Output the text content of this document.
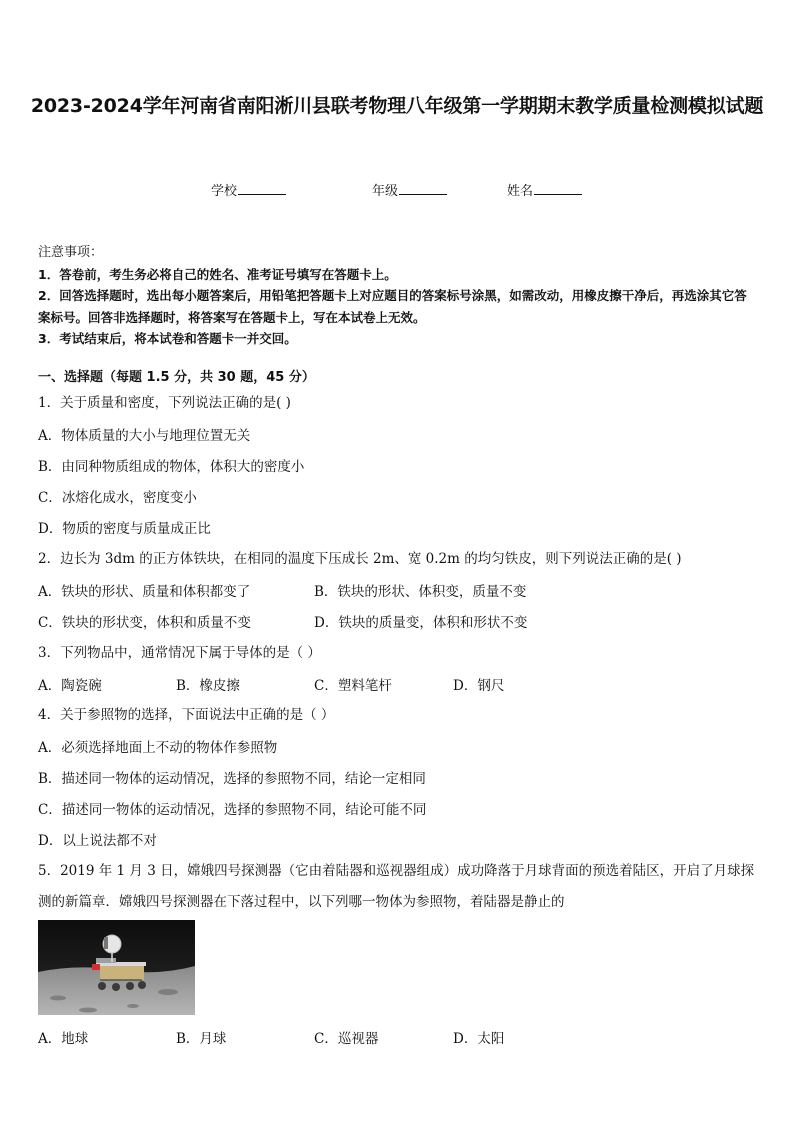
2023-2024学年河南省南阳淅川县联考物理八年级第一学期期末教学质量检测模拟试题
学校	年级	姓名
注意事项：
1．答卷前，考生务必将自己的姓名、准考证号填写在答题卡上。
2．回答选择题时，选出每小题答案后，用铅笔把答题卡上对应题目的答案标号涂黑，如需改动，用橡皮擦干净后，再选涂其它答案标号。回答非选择题时，将答案写在答题卡上，写在本试卷上无效。
3．考试结束后，将本试卷和答题卡一并交回。
一、选择题（每题 1.5 分，共 30 题，45 分）
1．关于质量和密度，下列说法正确的是( )
A．物体质量的大小与地理位置无关
B．由同种物质组成的物体，体积大的密度小
C．冰熔化成水，密度变小
D．物质的密度与质量成正比
2．边长为 3dm 的正方体铁块，在相同的温度下压成长 2m、宽 0.2m 的均匀铁皮，则下列说法正确的是( )
A．铁块的形状、质量和体积都变了	B．铁块的形状、体积变，质量不变
C．铁块的形状变，体积和质量不变	D．铁块的质量变，体积和形状不变
3．下列物品中，通常情况下属于导体的是（ ）
A．陶瓷碗	B．橡皮擦	C．塑料笔杆	D．钢尺
4．关于参照物的选择，下面说法中正确的是（ ）
A．必须选择地面上不动的物体作参照物
B．描述同一物体的运动情况，选择的参照物不同，结论一定相同
C．描述同一物体的运动情况，选择的参照物不同，结论可能不同
D．以上说法都不对
5．2019 年 1 月 3 日，嫦娥四号探测器（它由着陆器和巡视器组成）成功降落于月球背面的预选着陆区，开启了月球探测的新篇章．嫦娥四号探测器在下落过程中，以下列哪一物体为参照物，着陆器是静止的
A．地球	B．月球	C．巡视器	D．太阳
